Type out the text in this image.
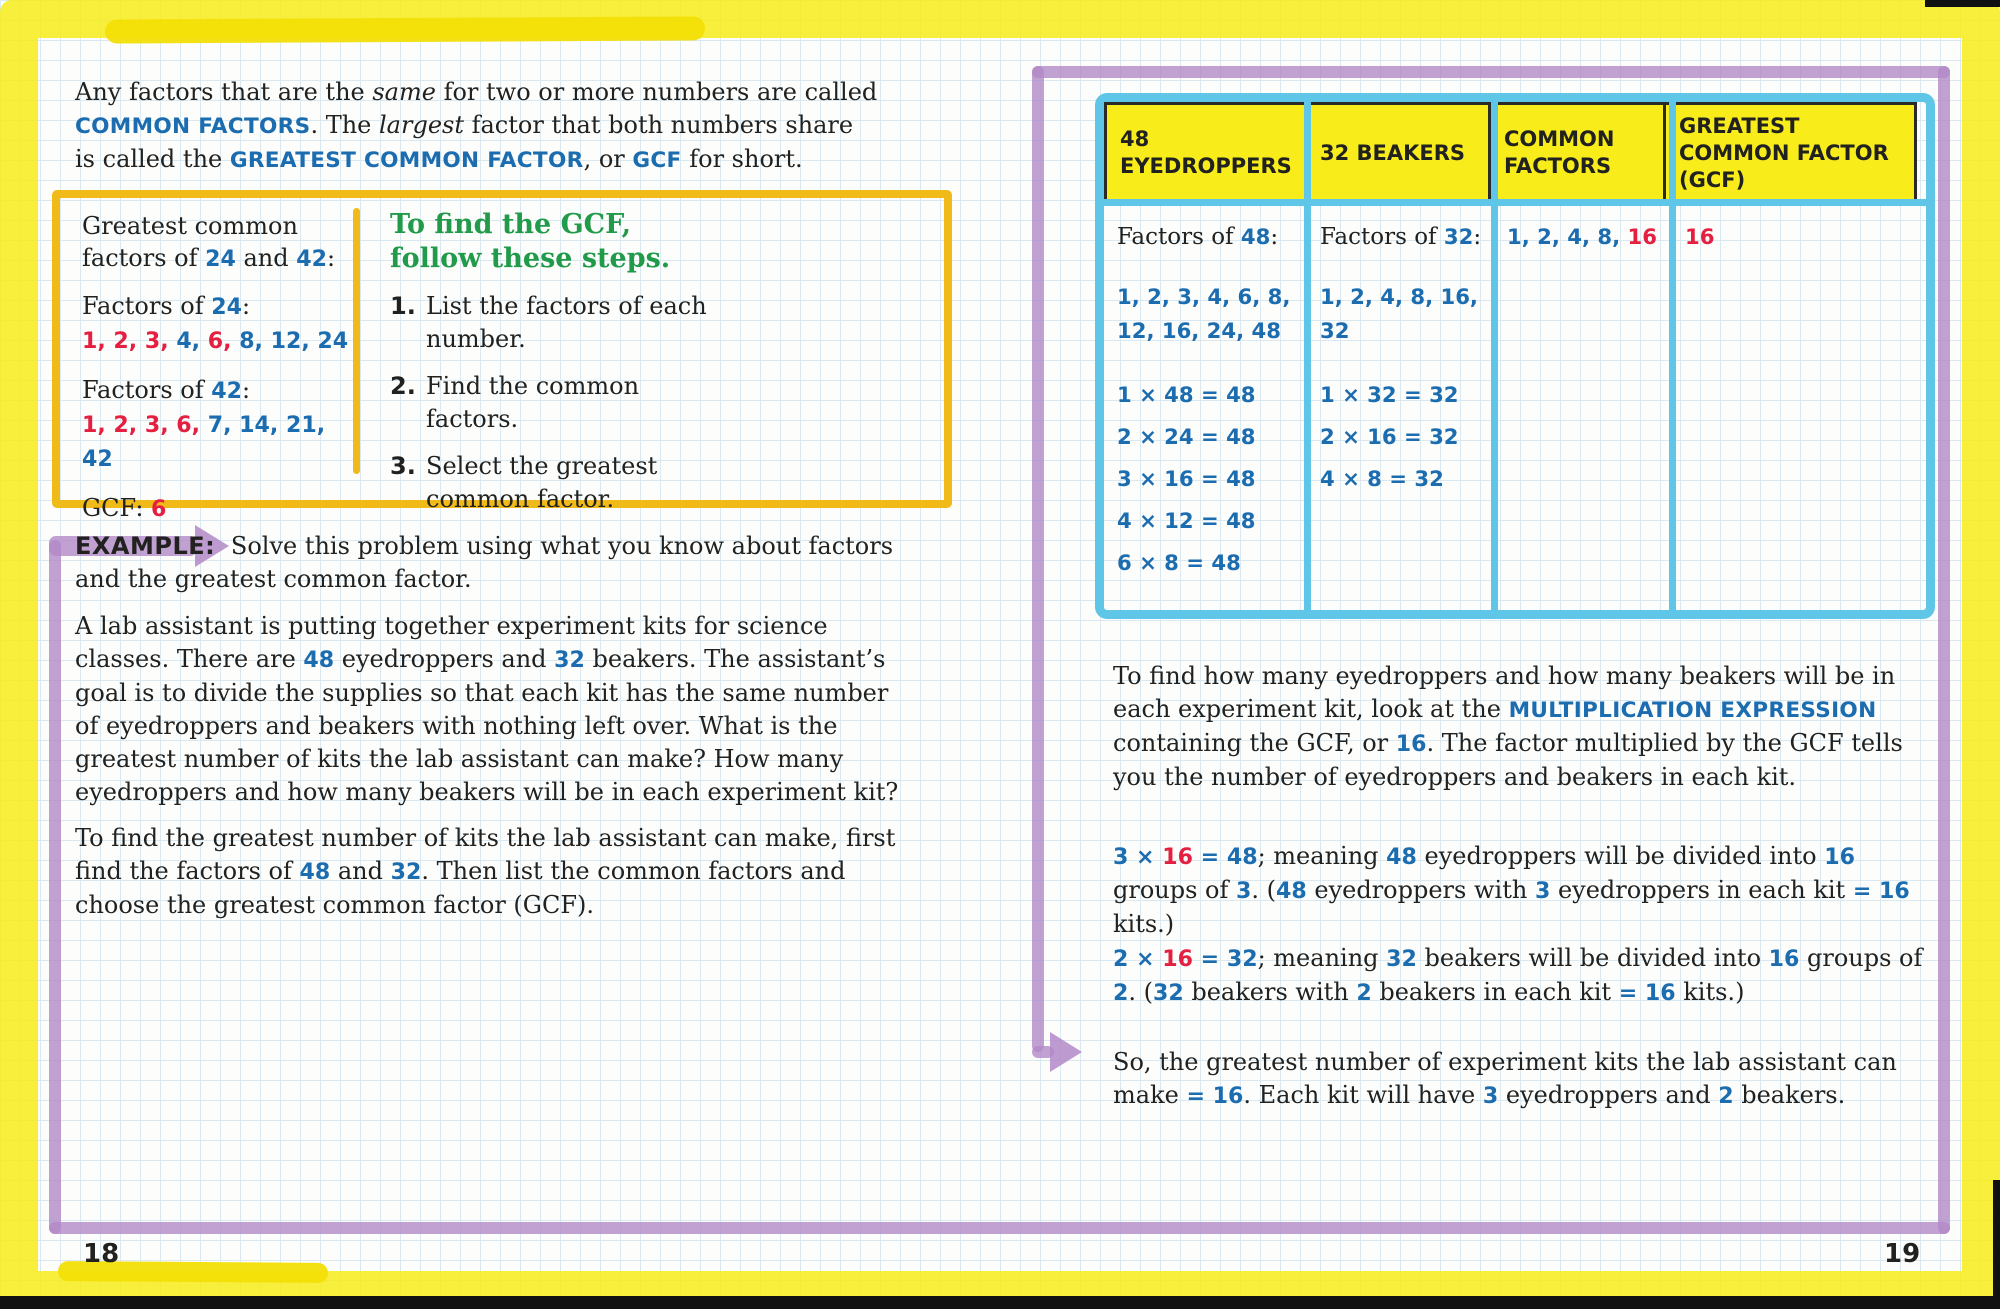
Any factors that are the same for two or more numbers are called COMMON FACTORS. The largest factor that both numbers share is called the GREATEST COMMON FACTOR, or GCF for short.

Greatest common factors of 24 and 42:

Factors of 24:

1, 2, 3, 4, 6, 8, 12, 24

Factors of 42:

1, 2, 3, 6, 7, 14, 21, 42

GCF: 6

To find the GCF, follow these steps.
1. List the factors of each number.
2. Find the common factors.
3. Select the greatest common factor.

EXAMPLE: Solve this problem using what you know about factors and the greatest common factor.

A lab assistant is putting together experiment kits for science classes. There are 48 eyedroppers and 32 beakers. The assistant’s goal is to divide the supplies so that each kit has the same number of eyedroppers and beakers with nothing left over. What is the greatest number of kits the lab assistant can make? How many eyedroppers and how many beakers will be in each experiment kit?

To find the greatest number of kits the lab assistant can make, first find the factors of 48 and 32. Then list the common factors and choose the greatest common factor (GCF).

18
48 EYEDROPPERS
32 BEAKERS
COMMON FACTORS
GREATEST COMMON FACTOR (GCF)

Factors of 48:

1, 2, 3, 4, 6, 8, 12, 16, 24, 48

1 × 48 = 48

2 × 24 = 48

3 × 16 = 48

4 × 12 = 48

6 × 8 = 48

Factors of 32:

1, 2, 4, 8, 16, 32

1 × 32 = 32

2 × 16 = 32

4 × 8 = 32

1, 2, 4, 8, 16	16

To find how many eyedroppers and how many beakers will be in each experiment kit, look at the MULTIPLICATION EXPRESSION containing the GCF, or 16. The factor multiplied by the GCF tells you the number of eyedroppers and beakers in each kit.

3 × 16 = 48; meaning 48 eyedroppers will be divided into 16 groups of 3. (48 eyedroppers with 3 eyedroppers in each kit = 16 kits.)

2 × 16 = 32; meaning 32 beakers will be divided into 16 groups of 2. (32 beakers with 2 beakers in each kit = 16 kits.)

So, the greatest number of experiment kits the lab assistant can make = 16. Each kit will have 3 eyedroppers and 2 beakers.

19
